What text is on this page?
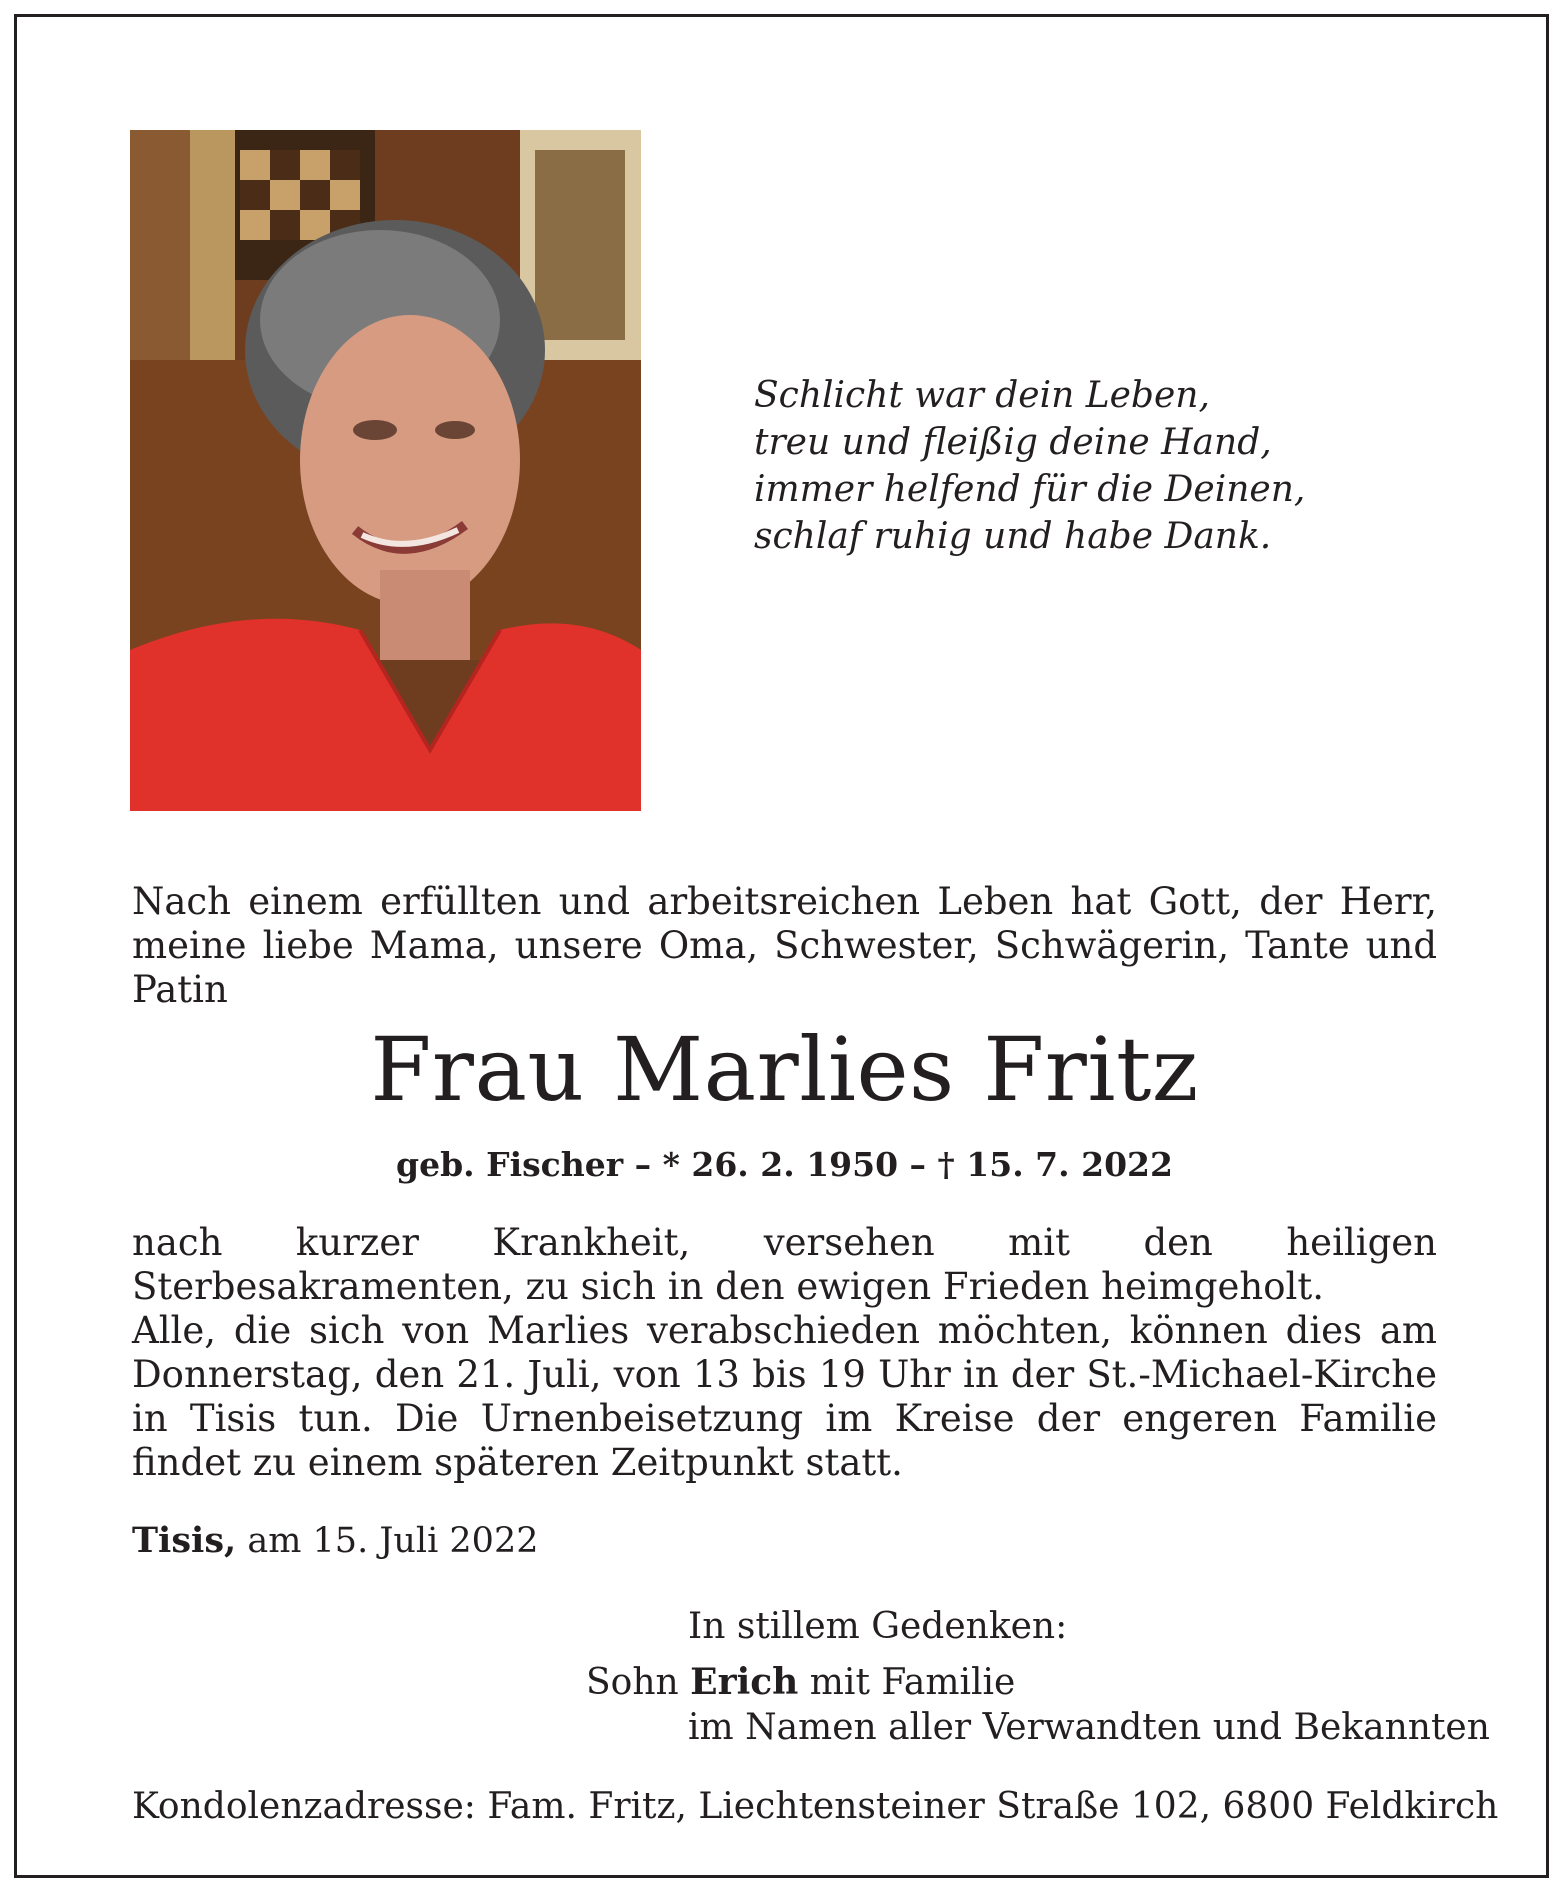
Schlicht war dein Leben,
treu und fleißig deine Hand,
immer helfend für die Deinen,
schlaf ruhig und habe Dank.
Nach einem erfüllten und arbeitsreichen Leben hat Gott, der Herr, meine liebe Mama, unsere Oma, Schwester, Schwägerin, Tante und Patin
Frau Marlies Fritz
geb. Fischer – * 26. 2. 1950 – † 15. 7. 2022
nach kurzer Krankheit, versehen mit den heiligen Sterbesakramenten, zu sich in den ewigen Frieden heimgeholt.
Alle, die sich von Marlies verabschieden möchten, können dies am Donnerstag, den 21. Juli, von 13 bis 19 Uhr in der St.-Michael-Kirche in Tisis tun. Die Urnenbeisetzung im Kreise der engeren Familie findet zu einem späteren Zeitpunkt statt.
Tisis, am 15. Juli 2022
In stillem Gedenken:
Sohn Erich mit Familie
im Namen aller Verwandten und Bekannten
Kondolenzadresse: Fam. Fritz, Liechtensteiner Straße 102, 6800 Feldkirch
